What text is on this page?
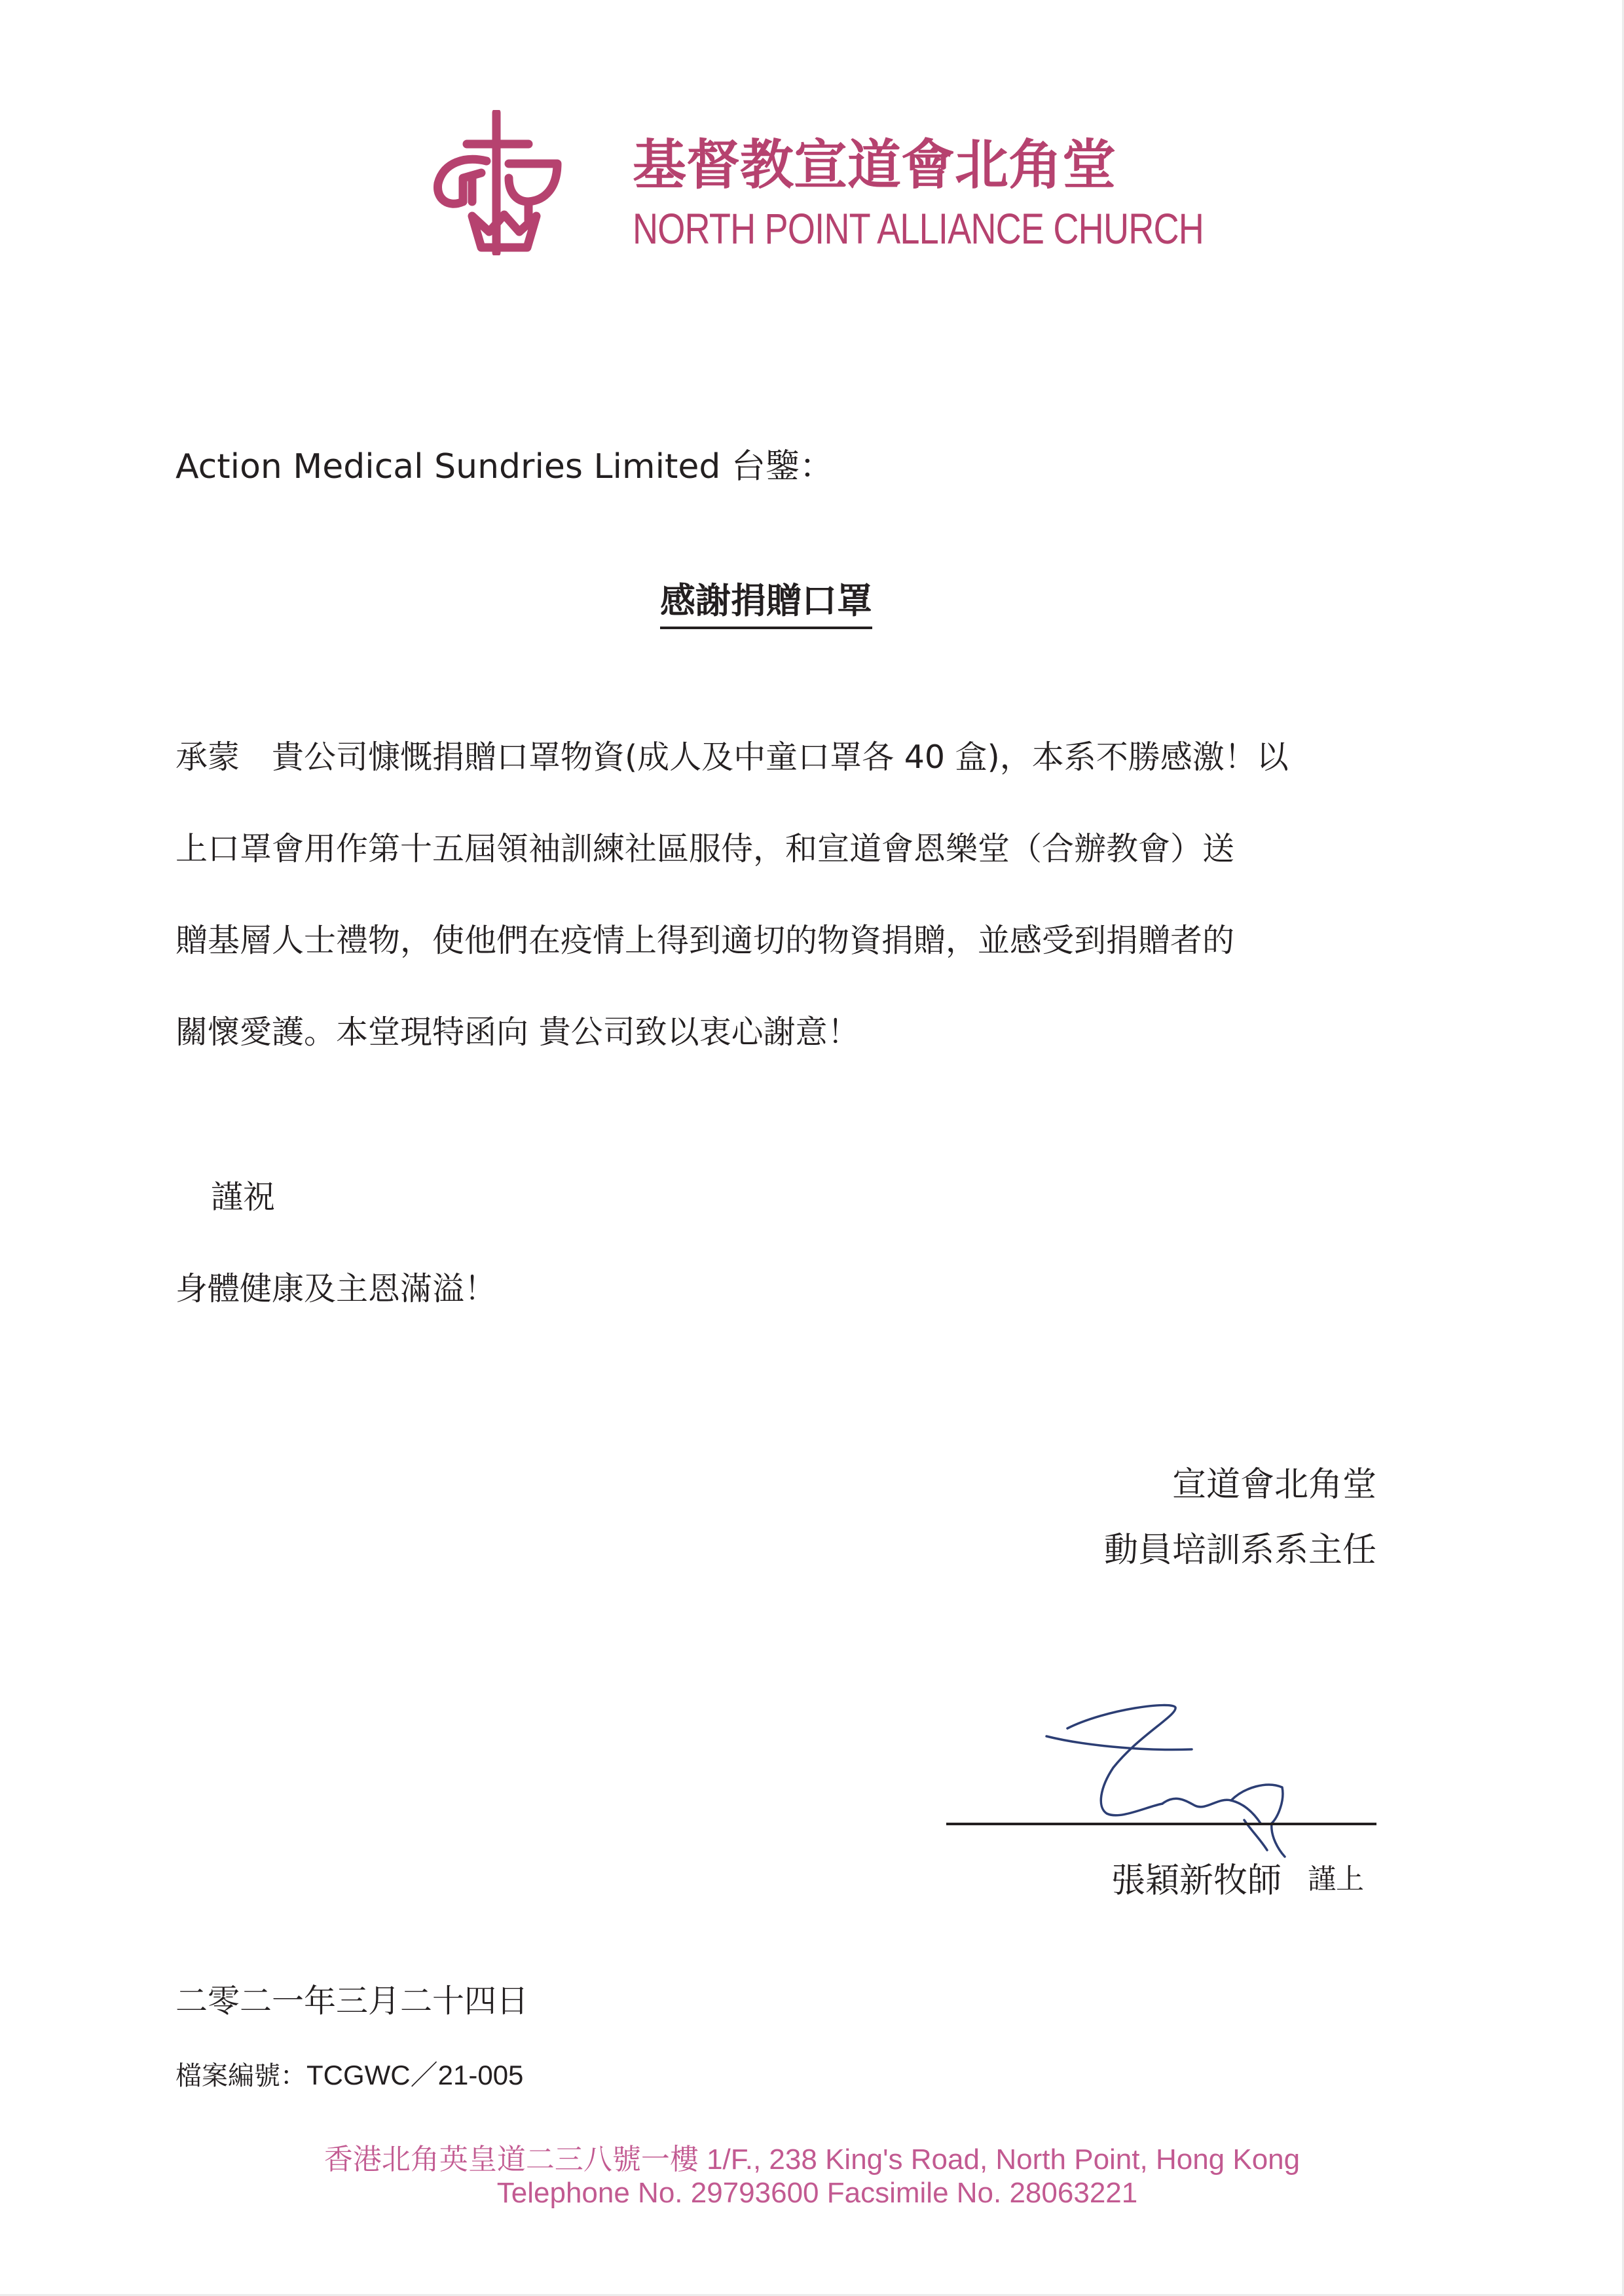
基督教宣道會北角堂
NORTH POINT ALLIANCE CHURCH
Action Medical Sundries Limited 台鑒：
感謝捐贈口罩
承蒙　貴公司慷慨捐贈口罩物資(成人及中童口罩各 40 盒)，本系不勝感激！以
上口罩會用作第十五屆領袖訓練社區服侍，和宣道會恩樂堂（合辦教會）送
贈基層人士禮物，使他們在疫情上得到適切的物資捐贈，並感受到捐贈者的
關懷愛護。本堂現特函向 貴公司致以衷心謝意！
謹祝
身體健康及主恩滿溢！
宣道會北角堂
動員培訓系系主任
張穎新牧師 謹上
二零二一年三月二十四日
檔案編號：TCGWC／21-005
香港北角英皇道二三八號一樓 1/F., 238 King's Road, North Point, Hong Kong
Telephone No. 29793600 Facsimile No. 28063221
